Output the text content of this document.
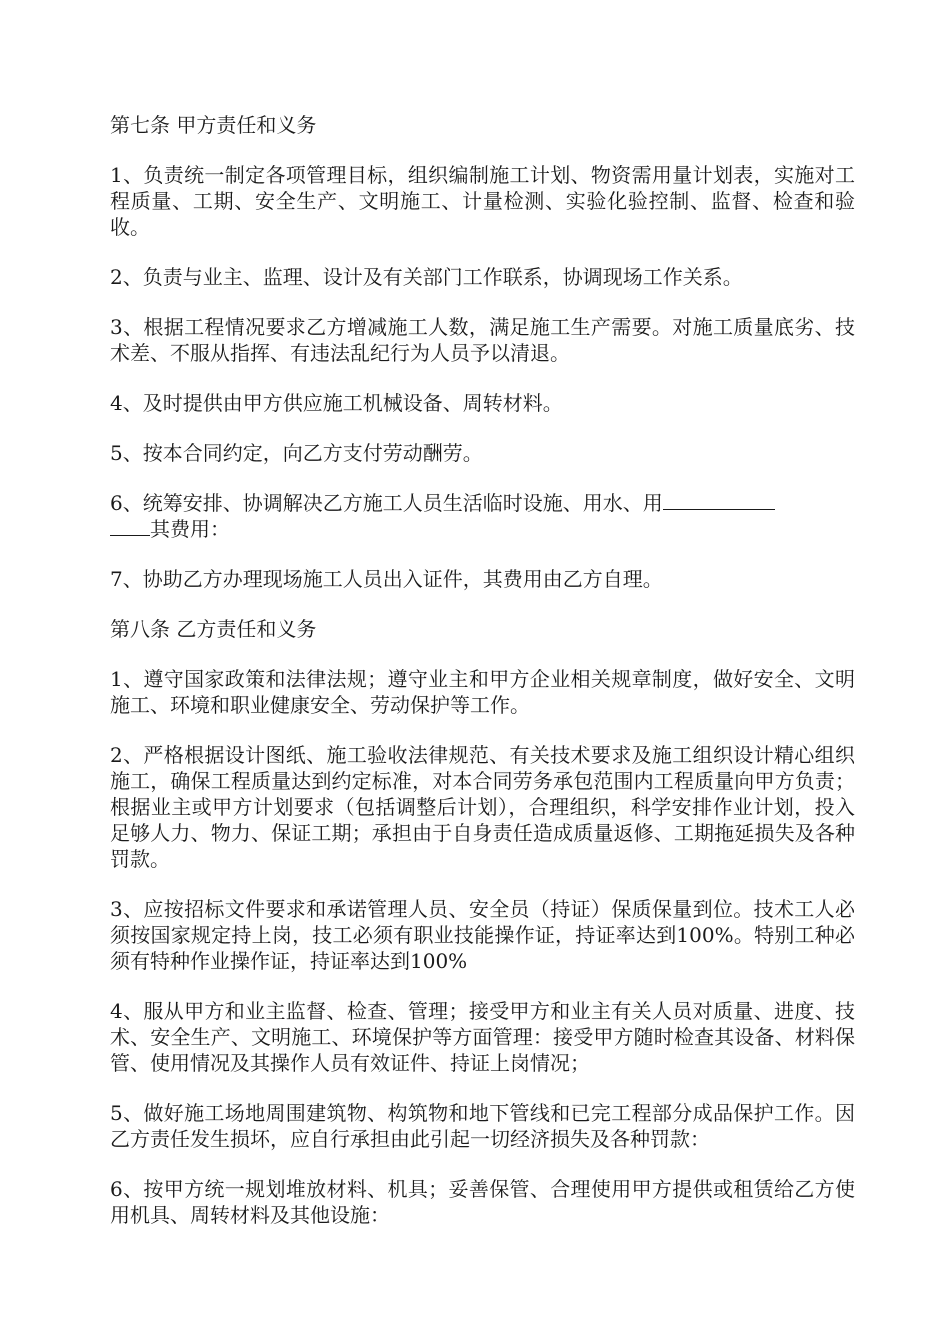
第七条 甲方责任和义务

1、负责统一制定各项管理目标，组织编制施工计划、物资需用量计划表，实施对工程质量、工期、安全生产、文明施工、计量检测、实验化验控制、监督、检查和验收。

2、负责与业主、监理、设计及有关部门工作联系，协调现场工作关系。

3、根据工程情况要求乙方增减施工人数，满足施工生产需要。对施工质量底劣、技术差、不服从指挥、有违法乱纪行为人员予以清退。

4、及时提供由甲方供应施工机械设备、周转材料。

5、按本合同约定，向乙方支付劳动酬劳。

6、统筹安排、协调解决乙方施工人员生活临时设施、用水、用
其费用：

7、协助乙方办理现场施工人员出入证件，其费用由乙方自理。

第八条 乙方责任和义务

1、遵守国家政策和法律法规；遵守业主和甲方企业相关规章制度，做好安全、文明施工、环境和职业健康安全、劳动保护等工作。

2、严格根据设计图纸、施工验收法律规范、有关技术要求及施工组织设计精心组织施工，确保工程质量达到约定标准，对本合同劳务承包范围内工程质量向甲方负责；根据业主或甲方计划要求（包括调整后计划），合理组织，科学安排作业计划，投入足够人力、物力、保证工期；承担由于自身责任造成质量返修、工期拖延损失及各种罚款。

3、应按招标文件要求和承诺管理人员、安全员（持证）保质保量到位。技术工人必须按国家规定持上岗，技工必须有职业技能操作证，持证率达到100%。特别工种必须有特种作业操作证，持证率达到100%

4、服从甲方和业主监督、检查、管理；接受甲方和业主有关人员对质量、进度、技术、安全生产、文明施工、环境保护等方面管理：接受甲方随时检查其设备、材料保管、使用情况及其操作人员有效证件、持证上岗情况；

5、做好施工场地周围建筑物、构筑物和地下管线和已完工程部分成品保护工作。因乙方责任发生损坏，应自行承担由此引起一切经济损失及各种罚款：

6、按甲方统一规划堆放材料、机具；妥善保管、合理使用甲方提供或租赁给乙方使用机具、周转材料及其他设施：
